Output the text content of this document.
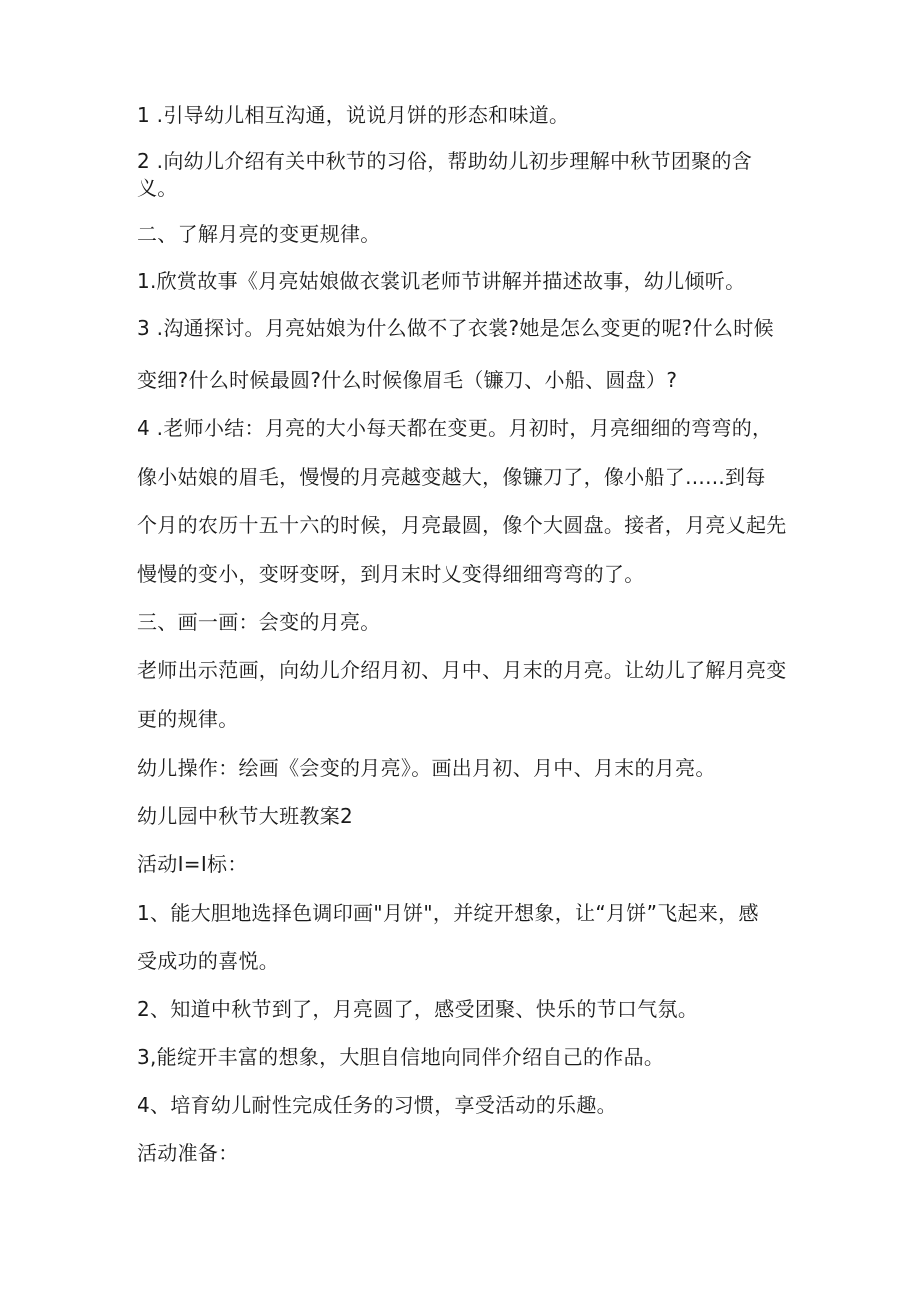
1 .引导幼儿相互沟通，说说月饼的形态和味道。
2 .向幼儿介绍有关中秋节的习俗，帮助幼儿初步理解中秋节团聚的含
义。
二、了解月亮的变更规律。
1.欣赏故事《月亮姑娘做衣裳讥老师节讲解并描述故事，幼儿倾听。
3 .沟通探讨。月亮姑娘为什么做不了衣裳?她是怎么变更的呢?什么时候
变细?什么时候最圆?什么时候像眉毛（镰刀、小船、圆盘）?
4 .老师小结：月亮的大小每天都在变更。月初时，月亮细细的弯弯的，
像小姑娘的眉毛，慢慢的月亮越变越大，像镰刀了，像小船了......到每
个月的农历十五十六的时候，月亮最圆，像个大圆盘。接者，月亮乂起先
慢慢的变小，变呀变呀，到月末时乂变得细细弯弯的了。
三、画一画：会变的月亮。
老师出示范画，向幼儿介绍月初、月中、月末的月亮。让幼儿了解月亮变
更的规律。
幼儿操作：绘画《会变的月亮》。画出月初、月中、月末的月亮。
幼儿园中秋节大班教案2
活动I=I标：
1、能大胆地选择色调印画"月饼"，并绽开想象，让“月饼”飞起来，感
受成功的喜悦。
2、知道中秋节到了，月亮圆了，感受团聚、快乐的节口气氛。
3,能绽开丰富的想象，大胆自信地向同伴介绍自己的作品。
4、培育幼儿耐性完成任务的习惯，享受活动的乐趣。
活动准备：
